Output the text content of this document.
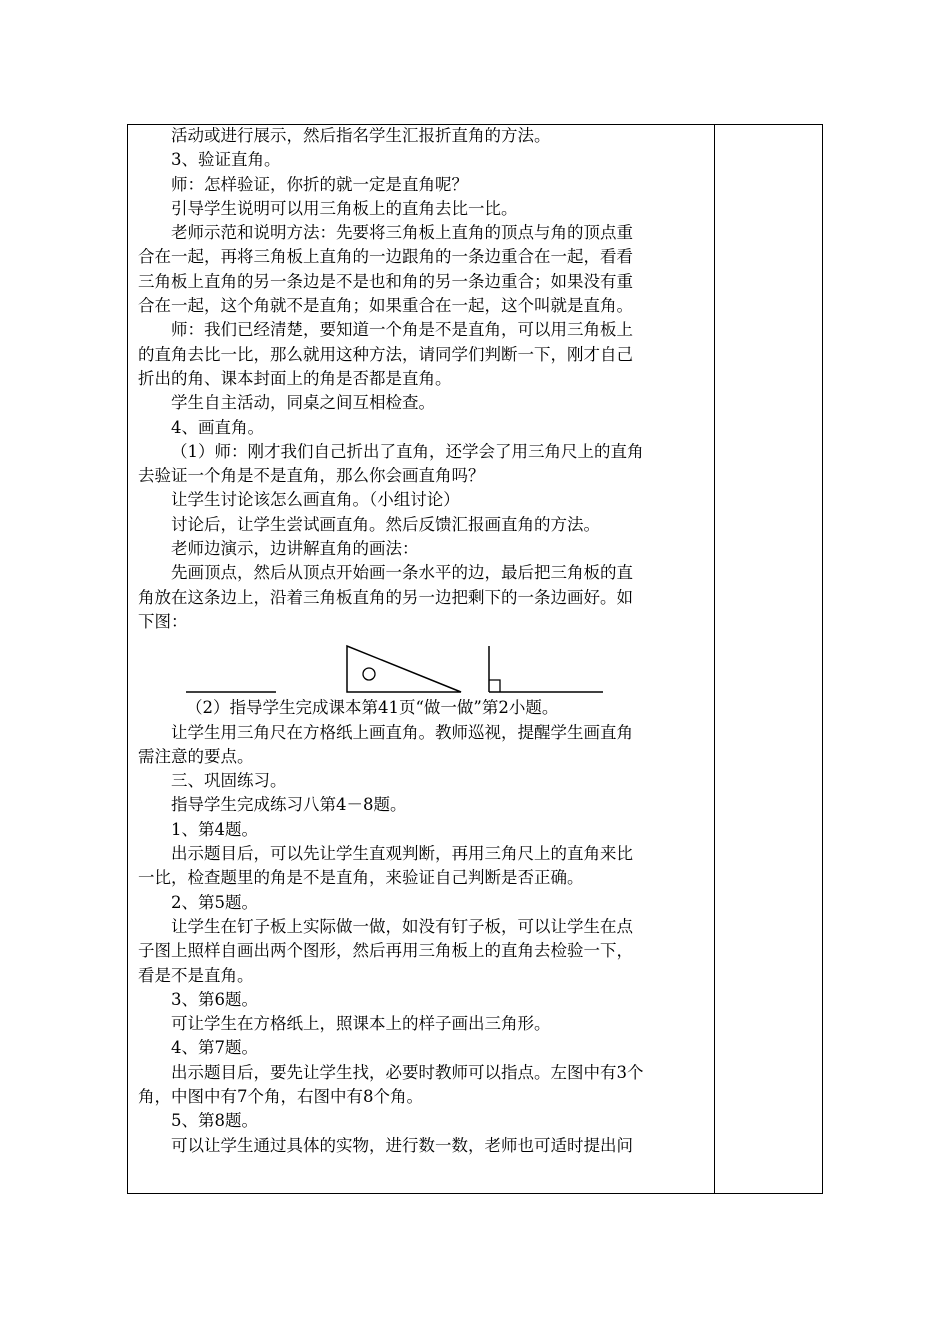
活动或进行展示，然后指名学生汇报折直角的方法。
3、验证直角。
师：怎样验证，你折的就一定是直角呢？
引导学生说明可以用三角板上的直角去比一比。
老师示范和说明方法：先要将三角板上直角的顶点与角的顶点重
合在一起，再将三角板上直角的一边跟角的一条边重合在一起，看看
三角板上直角的另一条边是不是也和角的另一条边重合；如果没有重
合在一起，这个角就不是直角；如果重合在一起，这个叫就是直角。
师：我们已经清楚，要知道一个角是不是直角，可以用三角板上
的直角去比一比，那么就用这种方法，请同学们判断一下，刚才自己
折出的角、课本封面上的角是否都是直角。
学生自主活动，同桌之间互相检查。
4、画直角。
（1）师：刚才我们自己折出了直角，还学会了用三角尺上的直角
去验证一个角是不是直角，那么你会画直角吗？
让学生讨论该怎么画直角。（小组讨论）
讨论后，让学生尝试画直角。然后反馈汇报画直角的方法。
老师边演示，边讲解直角的画法：
先画顶点，然后从顶点开始画一条水平的边，最后把三角板的直
角放在这条边上，沿着三角板直角的另一边把剩下的一条边画好。如
下图：
（2）指导学生完成课本第41页“做一做”第2小题。
让学生用三角尺在方格纸上画直角。教师巡视，提醒学生画直角
需注意的要点。
三、巩固练习。
指导学生完成练习八第4－8题。
1、第4题。
出示题目后，可以先让学生直观判断，再用三角尺上的直角来比
一比，检查题里的角是不是直角，来验证自己判断是否正确。
2、第5题。
让学生在钉子板上实际做一做，如没有钉子板，可以让学生在点
子图上照样自画出两个图形，然后再用三角板上的直角去检验一下，
看是不是直角。
3、第6题。
可让学生在方格纸上，照课本上的样子画出三角形。
4、第7题。
出示题目后，要先让学生找，必要时教师可以指点。左图中有3个
角，中图中有7个角，右图中有8个角。
5、第8题。
可以让学生通过具体的实物，进行数一数，老师也可适时提出问
